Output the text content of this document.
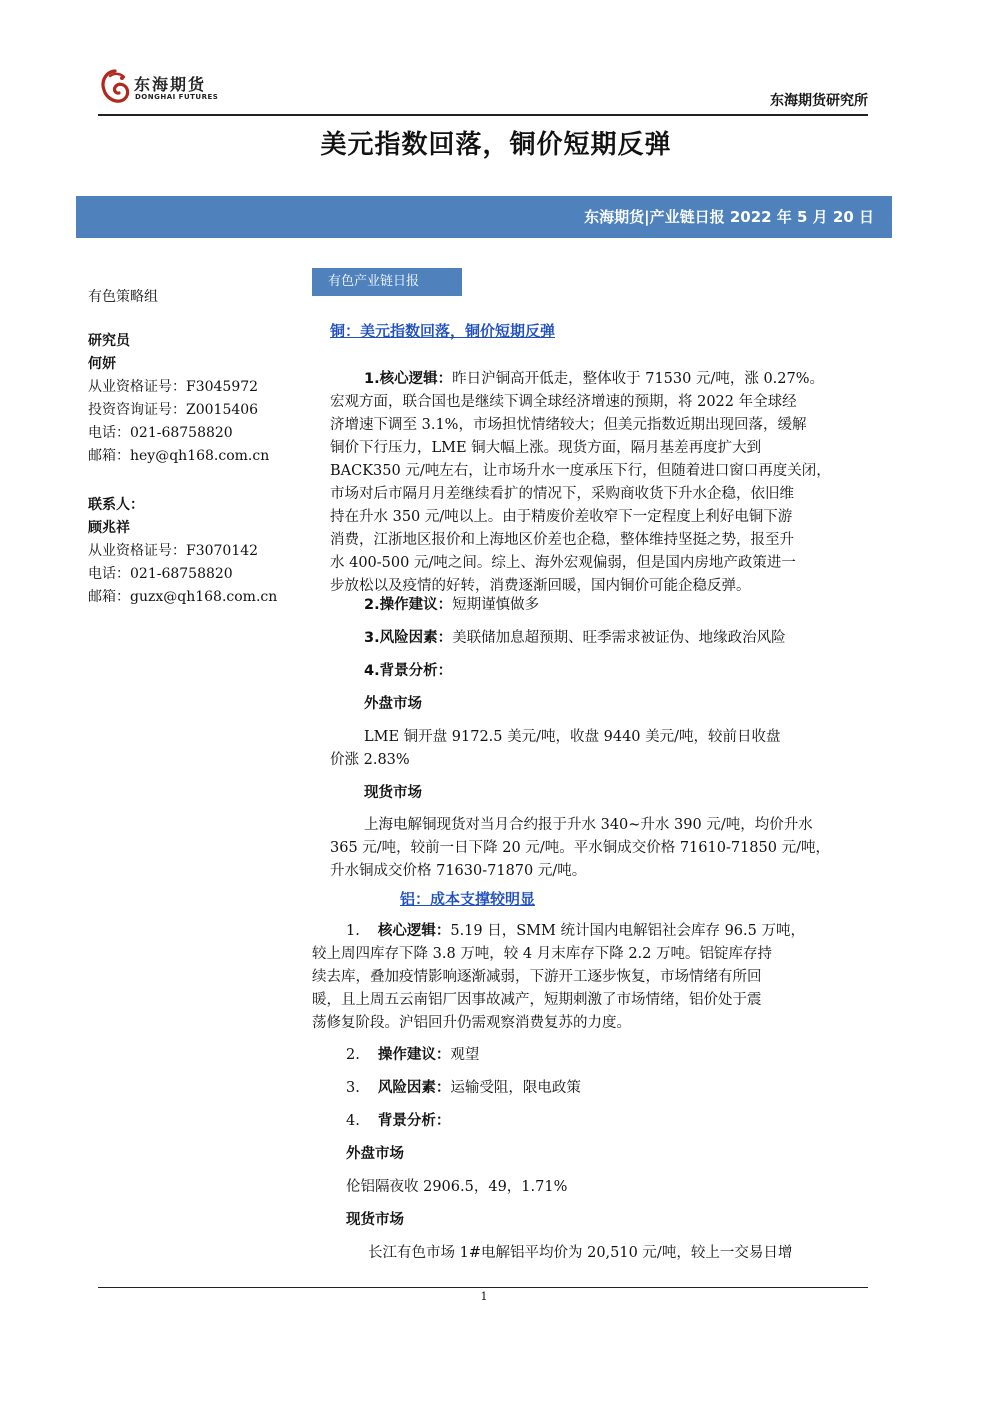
东海期货
DONGHAI FUTURES	东海期货研究所
美元指数回落，铜价短期反弹
东海期货|产业链日报 2022 年 5 月 20 日
有色策略组
研究员
何妍
从业资格证号：F3045972
投资咨询证号：Z0015406
电话：021-68758820
邮箱：hey@qh168.com.cn
联系人：
顾兆祥
从业资格证号：F3070142
电话：021-68758820
邮箱：guzx@qh168.com.cn
有色产业链日报
铜：美元指数回落，铜价短期反弹
1.核心逻辑：昨日沪铜高开低走，整体收于 71530 元/吨，涨 0.27%。
宏观方面，联合国也是继续下调全球经济增速的预期，将 2022 年全球经
济增速下调至 3.1%，市场担忧情绪较大；但美元指数近期出现回落，缓解
铜价下行压力，LME 铜大幅上涨。现货方面，隔月基差再度扩大到
BACK350 元/吨左右，让市场升水一度承压下行，但随着进口窗口再度关闭，
市场对后市隔月月差继续看扩的情况下，采购商收货下升水企稳，依旧维
持在升水 350 元/吨以上。由于精废价差收窄下一定程度上利好电铜下游
消费，江浙地区报价和上海地区价差也企稳，整体维持坚挺之势，报至升
水 400-500 元/吨之间。综上、海外宏观偏弱，但是国内房地产政策进一
步放松以及疫情的好转，消费逐渐回暖，国内铜价可能企稳反弹。
2.操作建议：短期谨慎做多
3.风险因素：美联储加息超预期、旺季需求被证伪、地缘政治风险
4.背景分析：
外盘市场
LME 铜开盘 9172.5 美元/吨，收盘 9440 美元/吨，较前日收盘
价涨 2.83%
现货市场
上海电解铜现货对当月合约报于升水 340~升水 390 元/吨，均价升水
365 元/吨，较前一日下降 20 元/吨。平水铜成交价格 71610-71850 元/吨，
升水铜成交价格 71630-71870 元/吨。
铝：成本支撑较明显
1. 核心逻辑：5.19 日，SMM 统计国内电解铝社会库存 96.5 万吨，
较上周四库存下降 3.8 万吨，较 4 月末库存下降 2.2 万吨。铝锭库存持
续去库，叠加疫情影响逐渐减弱，下游开工逐步恢复，市场情绪有所回
暖，且上周五云南铝厂因事故减产，短期刺激了市场情绪，铝价处于震
荡修复阶段。沪铝回升仍需观察消费复苏的力度。
2. 操作建议：观望
3. 风险因素：运输受阻，限电政策
4. 背景分析：
外盘市场
伦铝隔夜收 2906.5，49，1.71%
现货市场
长江有色市场 1#电解铝平均价为 20,510 元/吨，较上一交易日增
1
